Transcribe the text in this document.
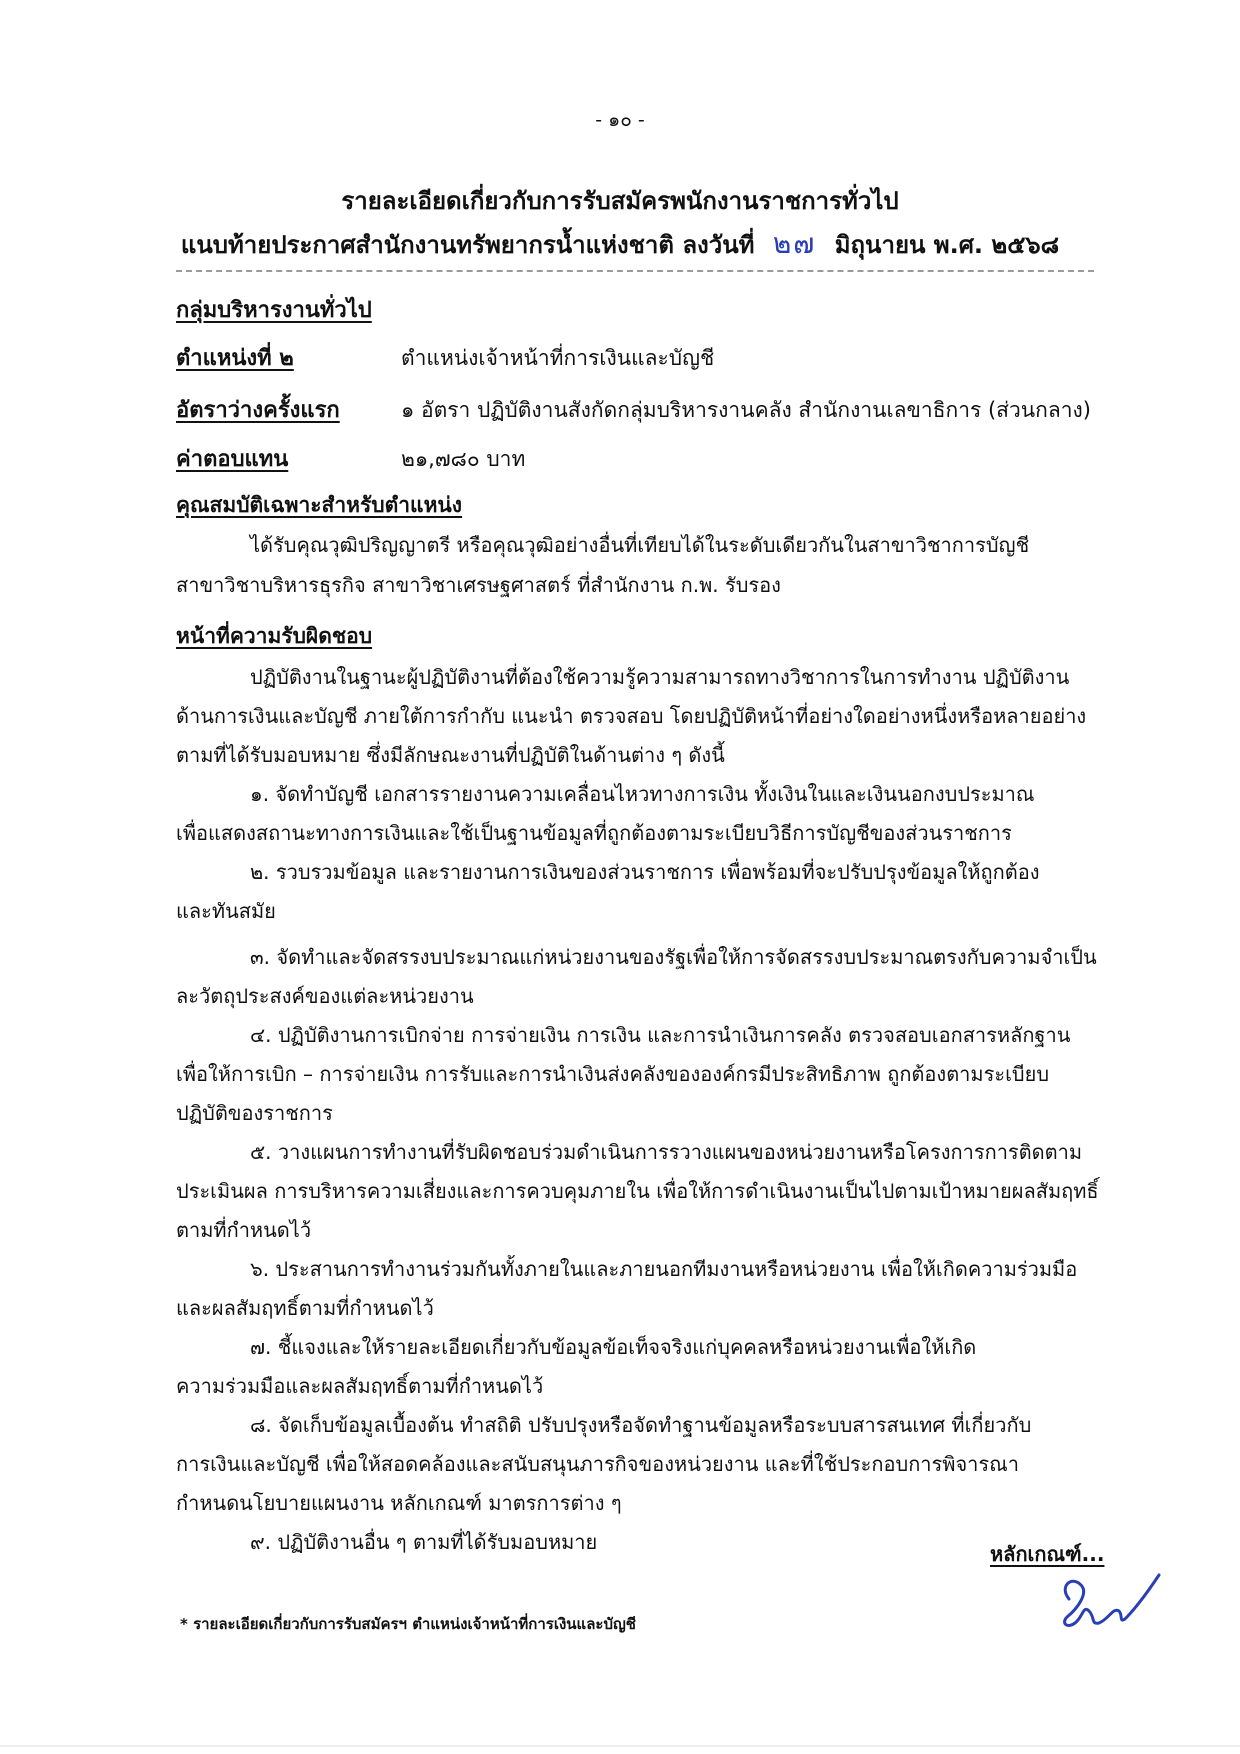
- ๑๐ -
รายละเอียดเกี่ยวกับการรับสมัครพนักงานราชการทั่วไป
แนบท้ายประกาศสำนักงานทรัพยากรน้ำแห่งชาติ ลงวันที่ ๒๗ มิถุนายน พ.ศ. ๒๕๖๘
กลุ่มบริหารงานทั่วไป
ตำแหน่งที่ ๒	ตำแหน่งเจ้าหน้าที่การเงินและบัญชี
อัตราว่างครั้งแรก	๑ อัตรา ปฏิบัติงานสังกัดกลุ่มบริหารงานคลัง สำนักงานเลขาธิการ (ส่วนกลาง)
ค่าตอบแทน	๒๑,๗๘๐ บาท
คุณสมบัติเฉพาะสำหรับตำแหน่ง
ได้รับคุณวุฒิปริญญาตรี หรือคุณวุฒิอย่างอื่นที่เทียบได้ในระดับเดียวกันในสาขาวิชาการบัญชี
สาขาวิชาบริหารธุรกิจ สาขาวิชาเศรษฐศาสตร์ ที่สำนักงาน ก.พ. รับรอง
หน้าที่ความรับผิดชอบ
ปฏิบัติงานในฐานะผู้ปฏิบัติงานที่ต้องใช้ความรู้ความสามารถทางวิชาการในการทำงาน ปฏิบัติงาน
ด้านการเงินและบัญชี ภายใต้การกำกับ แนะนำ ตรวจสอบ โดยปฏิบัติหน้าที่อย่างใดอย่างหนึ่งหรือหลายอย่าง
ตามที่ได้รับมอบหมาย ซึ่งมีลักษณะงานที่ปฏิบัติในด้านต่าง ๆ ดังนี้
๑. จัดทำบัญชี เอกสารรายงานความเคลื่อนไหวทางการเงิน ทั้งเงินในและเงินนอกงบประมาณ
เพื่อแสดงสถานะทางการเงินและใช้เป็นฐานข้อมูลที่ถูกต้องตามระเบียบวิธีการบัญชีของส่วนราชการ
๒. รวบรวมข้อมูล และรายงานการเงินของส่วนราชการ เพื่อพร้อมที่จะปรับปรุงข้อมูลให้ถูกต้อง
และทันสมัย
๓. จัดทำและจัดสรรงบประมาณแก่หน่วยงานของรัฐเพื่อให้การจัดสรรงบประมาณตรงกับความจำเป็น
ละวัตถุประสงค์ของแต่ละหน่วยงาน
๔. ปฏิบัติงานการเบิกจ่าย การจ่ายเงิน การเงิน และการนำเงินการคลัง ตรวจสอบเอกสารหลักฐาน
เพื่อให้การเบิก – การจ่ายเงิน การรับและการนำเงินส่งคลังขององค์กรมีประสิทธิภาพ ถูกต้องตามระเบียบ
ปฏิบัติของราชการ
๕. วางแผนการทำงานที่รับผิดชอบร่วมดำเนินการรวางแผนของหน่วยงานหรือโครงการการติดตาม
ประเมินผล การบริหารความเสี่ยงและการควบคุมภายใน เพื่อให้การดำเนินงานเป็นไปตามเป้าหมายผลสัมฤทธิ์
ตามที่กำหนดไว้
๖. ประสานการทำงานร่วมกันทั้งภายในและภายนอกทีมงานหรือหน่วยงาน เพื่อให้เกิดความร่วมมือ
และผลสัมฤทธิ์ตามที่กำหนดไว้
๗. ชี้แจงและให้รายละเอียดเกี่ยวกับข้อมูลข้อเท็จจริงแก่บุคคลหรือหน่วยงานเพื่อให้เกิด
ความร่วมมือและผลสัมฤทธิ์ตามที่กำหนดไว้
๘. จัดเก็บข้อมูลเบื้องต้น ทำสถิติ ปรับปรุงหรือจัดทำฐานข้อมูลหรือระบบสารสนเทศ ที่เกี่ยวกับ
การเงินและบัญชี เพื่อให้สอดคล้องและสนับสนุนภารกิจของหน่วยงาน และที่ใช้ประกอบการพิจารณา
กำหนดนโยบายแผนงาน หลักเกณฑ์ มาตรการต่าง ๆ
๙. ปฏิบัติงานอื่น ๆ ตามที่ได้รับมอบหมาย	หลักเกณฑ์...
* รายละเอียดเกี่ยวกับการรับสมัครฯ ตำแหน่งเจ้าหน้าที่การเงินและบัญชี
